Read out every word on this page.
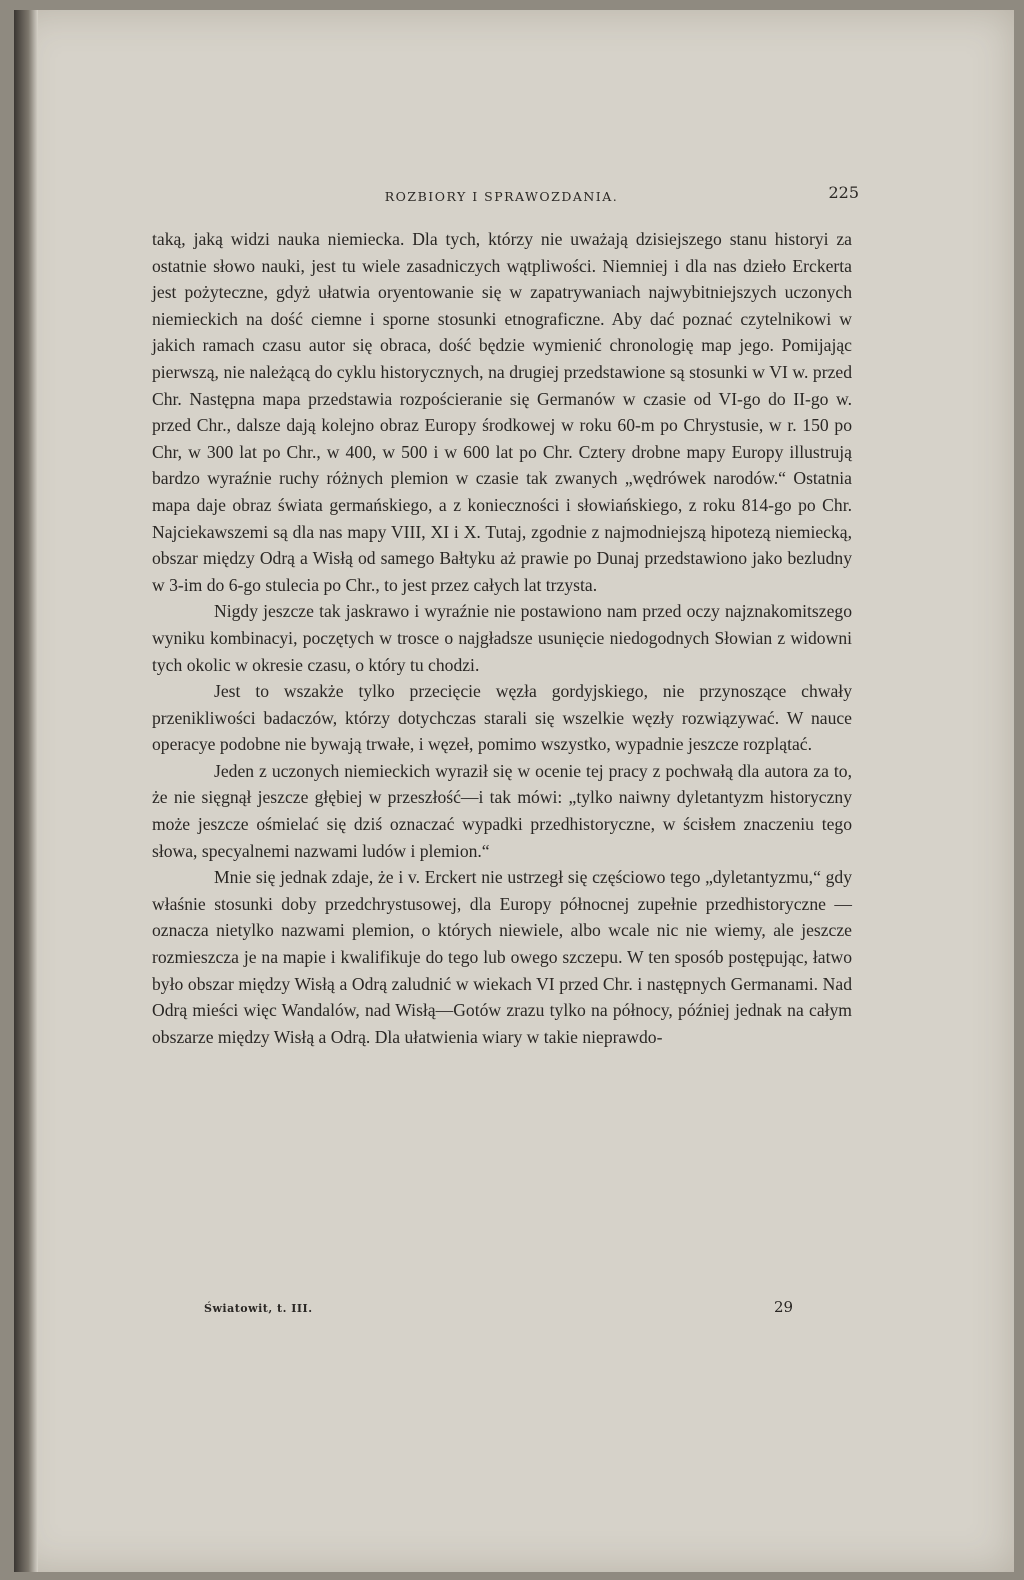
ROZBIORY I SPRAWOZDANIA.	225

taką, jaką widzi nauka niemiecka. Dla tych, którzy nie uważają dzisiejszego stanu historyi za ostatnie słowo nauki, jest tu wiele zasadniczych wątpliwości. Niemniej i dla nas dzieło Erckerta jest pożyteczne, gdyż ułatwia oryentowanie się w zapatrywaniach najwybitniejszych uczonych niemieckich na dość ciemne i sporne stosunki etnograficzne. Aby dać poznać czytelnikowi w jakich ramach czasu autor się obraca, dość będzie wymienić chronologię map jego. Pomijając pierwszą, nie należącą do cyklu historycznych, na drugiej przedstawione są stosunki w VI w. przed Chr. Następna mapa przedstawia rozpościeranie się Germanów w czasie od VI-go do II-go w. przed Chr., dalsze dają kolejno obraz Europy środkowej w roku 60-m po Chrystusie, w r. 150 po Chr, w 300 lat po Chr., w 400, w 500 i w 600 lat po Chr. Cztery drobne mapy Europy illustrują bardzo wyraźnie ruchy różnych plemion w czasie tak zwanych „wędrówek narodów.“ Ostatnia mapa daje obraz świata germańskiego, a z konieczności i słowiańskiego, z roku 814-go po Chr. Najciekawszemi są dla nas mapy VIII, XI i X. Tutaj, zgodnie z najmodniejszą hipotezą niemiecką, obszar między Odrą a Wisłą od samego Bałtyku aż prawie po Dunaj przedstawiono jako bezludny w 3-im do 6-go stulecia po Chr., to jest przez całych lat trzysta.

Nigdy jeszcze tak jaskrawo i wyraźnie nie postawiono nam przed oczy najznakomitszego wyniku kombinacyi, poczętych w trosce o najgładsze usunięcie niedogodnych Słowian z widowni tych okolic w okresie czasu, o który tu chodzi.

Jest to wszakże tylko przecięcie węzła gordyjskiego, nie przynoszące chwały przenikliwości badaczów, którzy dotychczas starali się wszelkie węzły rozwiązywać. W nauce operacye podobne nie bywają trwałe, i węzeł, pomimo wszystko, wypadnie jeszcze rozplątać.

Jeden z uczonych niemieckich wyraził się w ocenie tej pracy z pochwałą dla autora za to, że nie sięgnął jeszcze głębiej w przeszłość—i tak mówi: „tylko naiwny dyletantyzm historyczny może jeszcze ośmielać się dziś oznaczać wypadki przedhistoryczne, w ścisłem znaczeniu tego słowa, specyalnemi nazwami ludów i plemion.“

Mnie się jednak zdaje, że i v. Erckert nie ustrzegł się częściowo tego „dyletantyzmu,“ gdy właśnie stosunki doby przedchrystusowej, dla Europy północnej zupełnie przedhistoryczne — oznacza nietylko nazwami plemion, o których niewiele, albo wcale nic nie wiemy, ale jeszcze rozmieszcza je na mapie i kwalifikuje do tego lub owego szczepu. W ten sposób postępując, łatwo było obszar między Wisłą a Odrą zaludnić w wiekach VI przed Chr. i następnych Germanami. Nad Odrą mieści więc Wandalów, nad Wisłą—Gotów zrazu tylko na północy, później jednak na całym obszarze między Wisłą a Odrą. Dla ułatwienia wiary w takie nieprawdo-

Światowit, t. III.	29
